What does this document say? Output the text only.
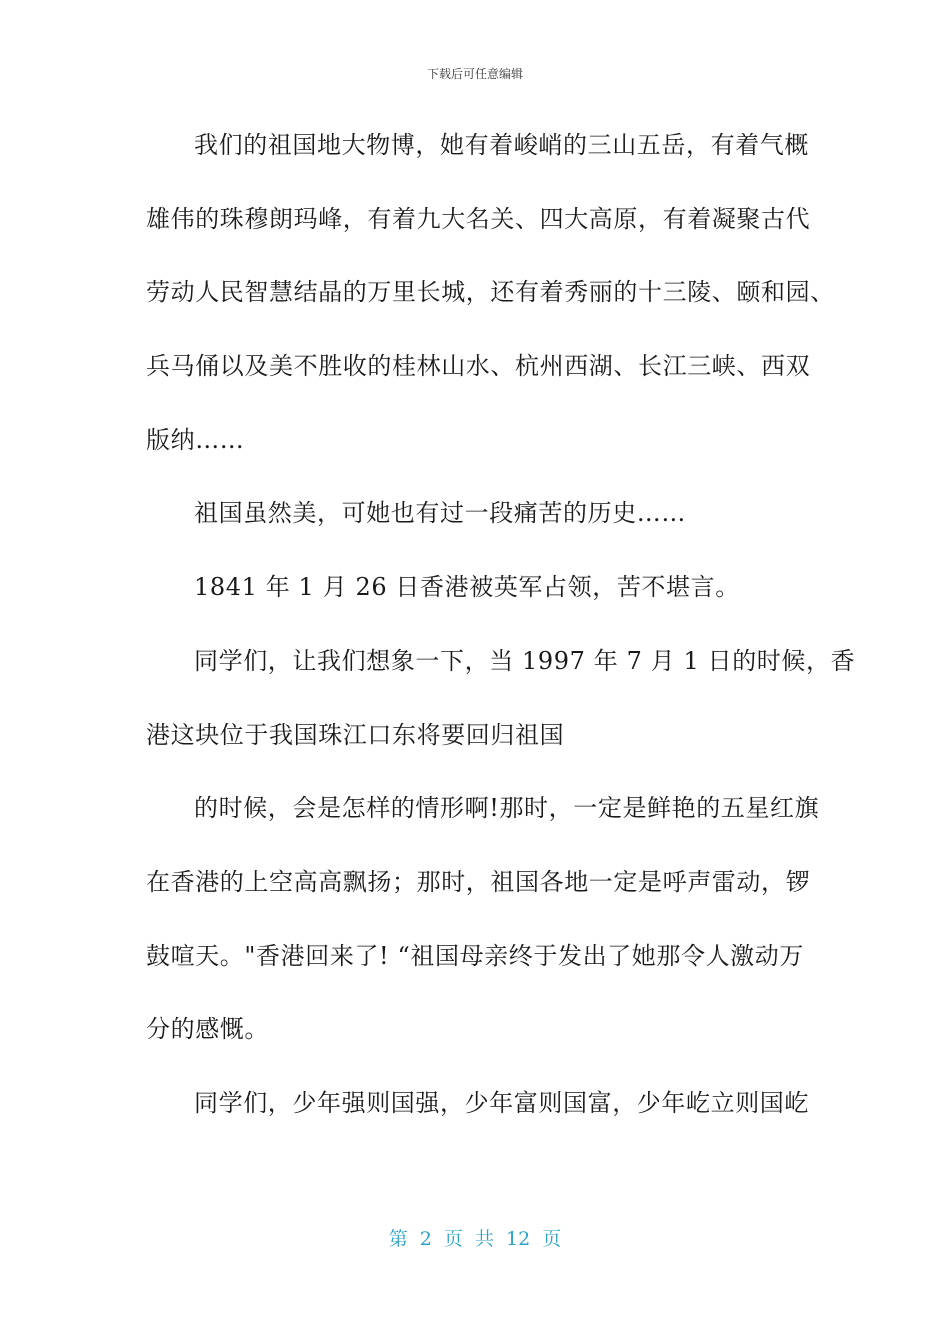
下载后可任意编辑
我们的祖国地大物博，她有着峻峭的三山五岳，有着气概
雄伟的珠穆朗玛峰，有着九大名关、四大高原，有着凝聚古代
劳动人民智慧结晶的万里长城，还有着秀丽的十三陵、颐和园、
兵马俑以及美不胜收的桂林山水、杭州西湖、长江三峡、西双
版纳……
祖国虽然美，可她也有过一段痛苦的历史……
1841 年 1 月 26 日香港被英军占领，苦不堪言。
同学们，让我们想象一下，当 1997 年 7 月 1 日的时候，香
港这块位于我国珠江口东将要回归祖国
的时候，会是怎样的情形啊!那时，一定是鲜艳的五星红旗
在香港的上空高高飘扬；那时，祖国各地一定是呼声雷动，锣
鼓喧天。"香港回来了! “祖国母亲终于发出了她那令人激动万
分的感慨。
同学们，少年强则国强，少年富则国富，少年屹立则国屹
第 2 页 共 12 页
